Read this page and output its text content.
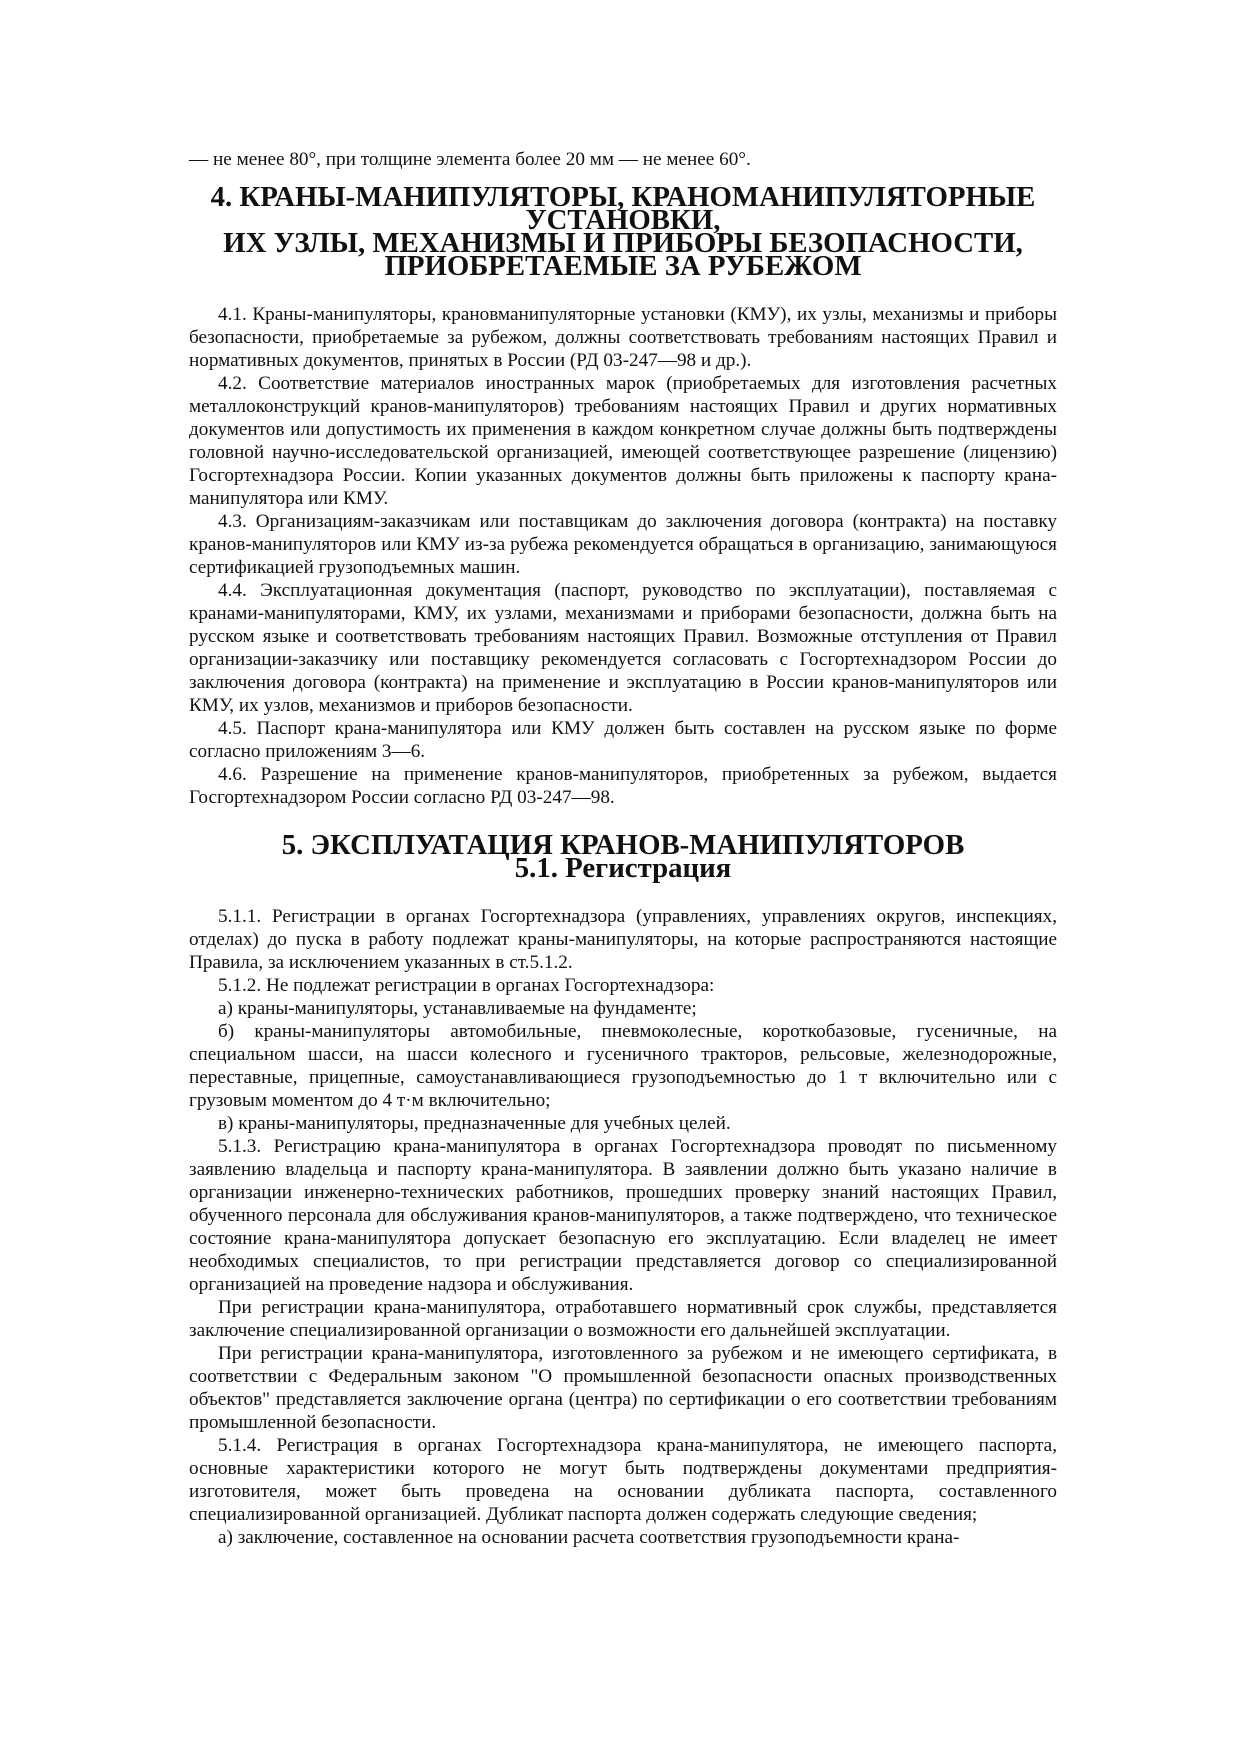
— не менее 80°, при толщине элемента более 20 мм — не менее 60°.

4. КРАНЫ-МАНИПУЛЯТОРЫ, КРАНОМАНИПУЛЯТОРНЫЕ УСТАНОВКИ,
ИХ УЗЛЫ, МЕХАНИЗМЫ И ПРИБОРЫ БЕЗОПАСНОСТИ,
ПРИОБРЕТАЕМЫЕ ЗА РУБЕЖОМ

4.1. Краны-манипуляторы, крановманипуляторные установки (КМУ), их узлы, механизмы и приборы безопасности, приобретаемые за рубежом, должны соответствовать требованиям настоящих Правил и нормативных документов, принятых в России (РД 03-247—98 и др.).

4.2. Соответствие материалов иностранных марок (приобретаемых для изготовления расчетных металлоконструкций кранов-манипуляторов) требованиям настоящих Правил и других нормативных документов или допустимость их применения в каждом конкретном случае должны быть подтверждены головной научно-исследовательской организацией, имеющей соответствующее разрешение (лицензию) Госгортехнадзора России. Копии указанных документов должны быть приложены к паспорту крана-манипулятора или КМУ.

4.3. Организациям-заказчикам или поставщикам до заключения договора (контракта) на поставку кранов-манипуляторов или КМУ из-за рубежа рекомендуется обращаться в организацию, занимающуюся сертификацией грузоподъемных машин.

4.4. Эксплуатационная документация (паспорт, руководство по эксплуатации), поставляемая с кранами-манипуляторами, КМУ, их узлами, механизмами и приборами безопасности, должна быть на русском языке и соответствовать требованиям настоящих Правил. Возможные отступления от Правил организации-заказчику или поставщику рекомендуется согласовать с Госгортехнадзором России до заключения договора (контракта) на применение и эксплуатацию в России кранов-манипуляторов или КМУ, их узлов, механизмов и приборов безопасности.

4.5. Паспорт крана-манипулятора или КМУ должен быть составлен на русском языке по форме согласно приложениям 3—6.

4.6. Разрешение на применение кранов-манипуляторов, приобретенных за рубежом, выдается Госгортехнадзором России согласно РД 03-247—98.

5. ЭКСПЛУАТАЦИЯ КРАНОВ-МАНИПУЛЯТОРОВ
5.1. Регистрация

5.1.1. Регистрации в органах Госгортехнадзора (управлениях, управлениях округов, инспекциях, отделах) до пуска в работу подлежат краны-манипуляторы, на которые распространяются настоящие Правила, за исключением указанных в ст.5.1.2.

5.1.2. Не подлежат регистрации в органах Госгортехнадзора:

а) краны-манипуляторы, устанавливаемые на фундаменте;

б) краны-манипуляторы автомобильные, пневмоколесные, короткобазовые, гусеничные, на специальном шасси, на шасси колесного и гусеничного тракторов, рельсовые, железнодорожные, переставные, прицепные, самоустанавливающиеся грузоподъемностью до 1 т включительно или с грузовым моментом до 4 т·м включительно;

в) краны-манипуляторы, предназначенные для учебных целей.

5.1.3. Регистрацию крана-манипулятора в органах Госгортехнадзора проводят по письменному заявлению владельца и паспорту крана-манипулятора. В заявлении должно быть указано наличие в организации инженерно-технических работников, прошедших проверку знаний настоящих Правил, обученного персонала для обслуживания кранов-манипуляторов, а также подтверждено, что техническое состояние крана-манипулятора допускает безопасную его эксплуатацию. Если владелец не имеет необходимых специалистов, то при регистрации представляется договор со специализированной организацией на проведение надзора и обслуживания.

При регистрации крана-манипулятора, отработавшего нормативный срок службы, представляется заключение специализированной организации о возможности его дальнейшей эксплуатации.

При регистрации крана-манипулятора, изготовленного за рубежом и не имеющего сертификата, в соответствии с Федеральным законом "О промышленной безопасности опасных производственных объектов" представляется заключение органа (центра) по сертификации о его соответствии требованиям промышленной безопасности.

5.1.4. Регистрация в органах Госгортехнадзора крана-манипулятора, не имеющего паспорта, основные характеристики которого не могут быть подтверждены документами предприятия-изготовителя, может быть проведена на основании дубликата паспорта, составленного специализированной организацией. Дубликат паспорта должен содержать следующие сведения;

а) заключение, составленное на основании расчета соответствия грузоподъемности крана-
